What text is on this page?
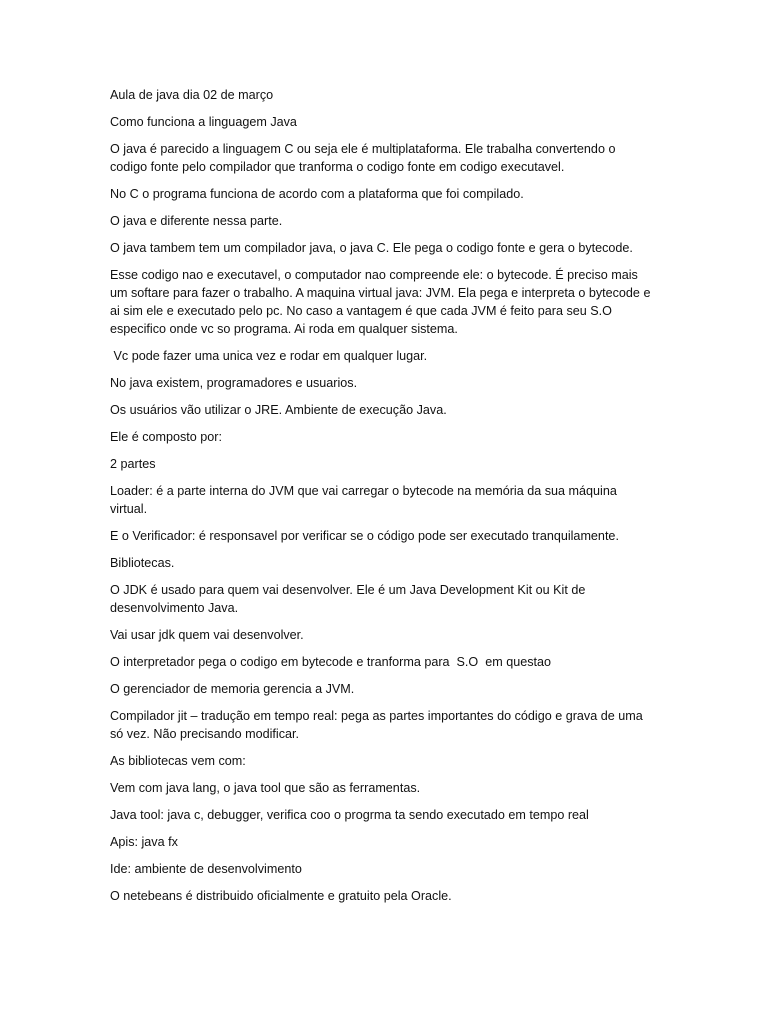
Aula de java dia 02 de março

Como funciona a linguagem Java

O java é parecido a linguagem C ou seja ele é multiplataforma. Ele trabalha convertendo o codigo fonte pelo compilador que tranforma o codigo fonte em codigo executavel.

No C o programa funciona de acordo com a plataforma que foi compilado.

O java e diferente nessa parte.

O java tambem tem um compilador java, o java C. Ele pega o codigo fonte e gera o bytecode.

Esse codigo nao e executavel, o computador nao compreende ele: o bytecode. É preciso mais um softare para fazer o trabalho. A maquina virtual java: JVM. Ela pega e interpreta o bytecode e ai sim ele e executado pelo pc. No caso a vantagem é que cada JVM é feito para seu S.O especifico onde vc so programa. Ai roda em qualquer sistema.

Vc pode fazer uma unica vez e rodar em qualquer lugar.

No java existem, programadores e usuarios.

Os usuários vão utilizar o JRE. Ambiente de execução Java.

Ele é composto por:

2 partes

Loader: é a parte interna do JVM que vai carregar o bytecode na memória da sua máquina virtual.

E o Verificador: é responsavel por verificar se o código pode ser executado tranquilamente.

Bibliotecas.

O JDK é usado para quem vai desenvolver. Ele é um Java Development Kit ou Kit de desenvolvimento Java.

Vai usar jdk quem vai desenvolver.

O interpretador pega o codigo em bytecode e tranforma para  S.O  em questao

O gerenciador de memoria gerencia a JVM.

Compilador jit – tradução em tempo real: pega as partes importantes do código e grava de uma só vez. Não precisando modificar.

As bibliotecas vem com:

Vem com java lang, o java tool que são as ferramentas.

Java tool: java c, debugger, verifica coo o progrma ta sendo executado em tempo real

Apis: java fx

Ide: ambiente de desenvolvimento

O netebeans é distribuido oficialmente e gratuito pela Oracle.
